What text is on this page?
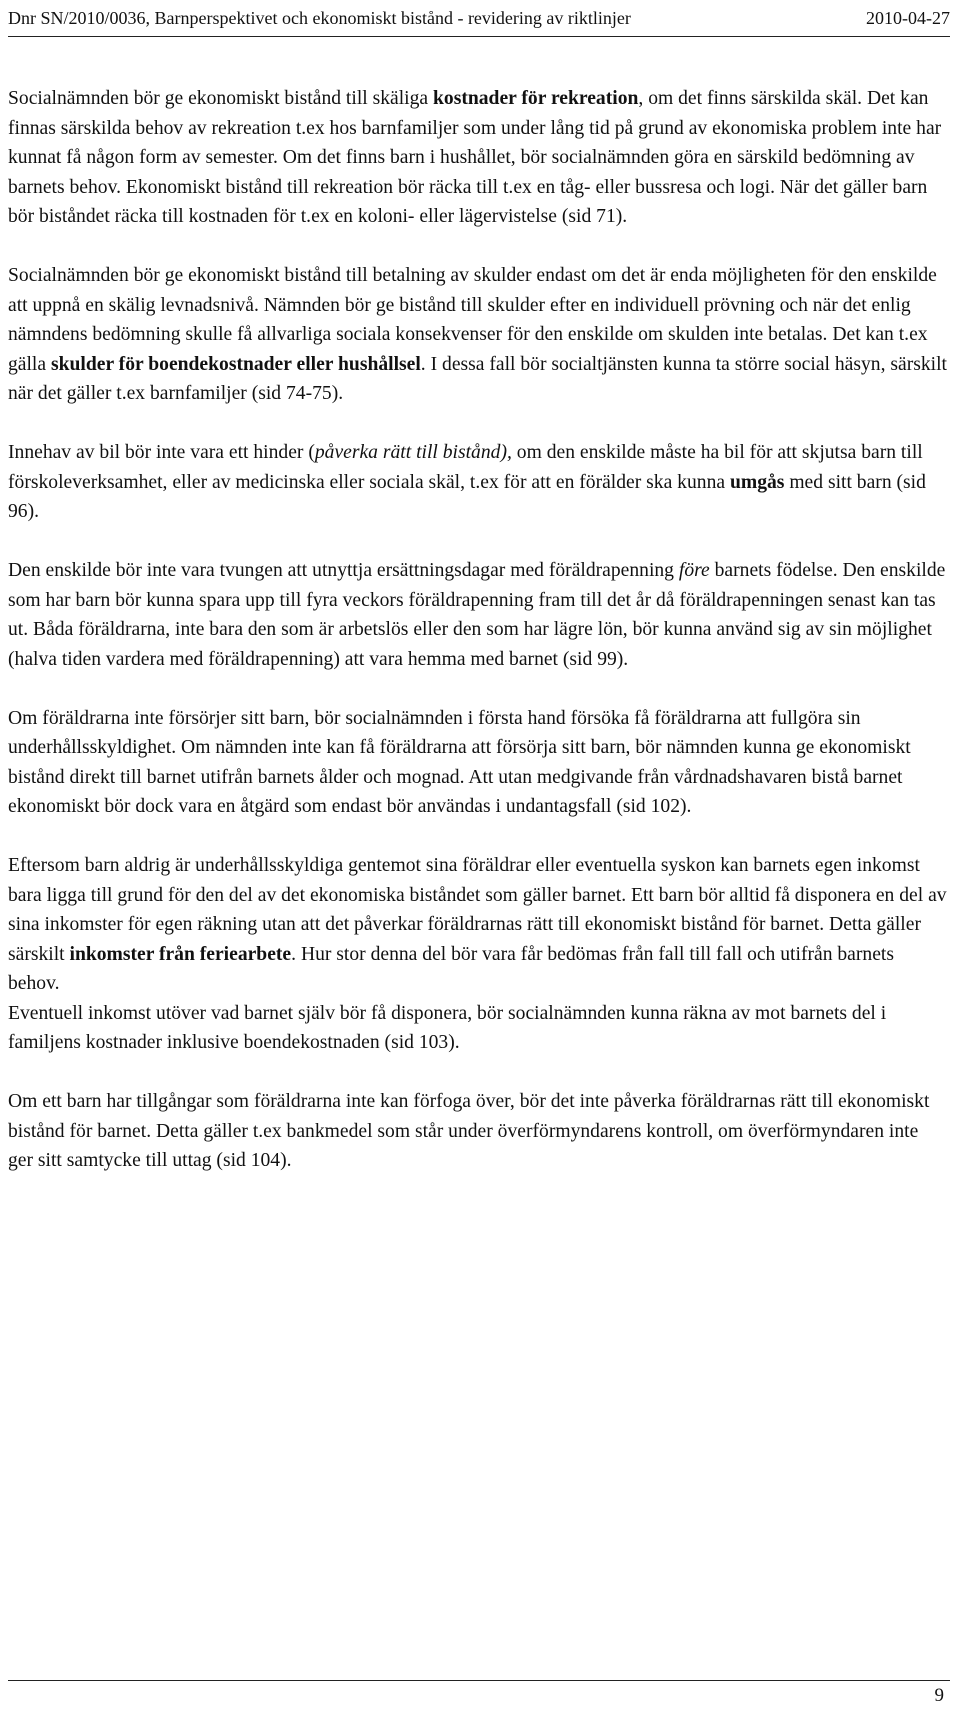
Dnr SN/2010/0036, Barnperspektivet och ekonomiskt bistånd - revidering av riktlinjer	2010-04-27

Socialnämnden bör ge ekonomiskt bistånd till skäliga kostnader för rekreation, om det finns särskilda skäl. Det kan finnas särskilda behov av rekreation t.ex hos barnfamiljer som under lång tid på grund av ekonomiska problem inte har kunnat få någon form av semester. Om det finns barn i hushållet, bör socialnämnden göra en särskild bedömning av barnets behov. Ekonomiskt bistånd till rekreation bör räcka till t.ex en tåg- eller bussresa och logi. När det gäller barn bör biståndet räcka till kostnaden för t.ex en koloni- eller lägervistelse (sid 71).

Socialnämnden bör ge ekonomiskt bistånd till betalning av skulder endast om det är enda möjligheten för den enskilde att uppnå en skälig levnadsnivå. Nämnden bör ge bistånd till skulder efter en individuell prövning och när det enlig nämndens bedömning skulle få allvarliga sociala konsekvenser för den enskilde om skulden inte betalas. Det kan t.ex gälla skulder för boendekostnader eller hushållsel. I dessa fall bör socialtjänsten kunna ta större social häsyn, särskilt när det gäller t.ex barnfamiljer (sid 74-75).

Innehav av bil bör inte vara ett hinder (påverka rätt till bistånd), om den enskilde måste ha bil för att skjutsa barn till förskoleverksamhet, eller av medicinska eller sociala skäl, t.ex för att en förälder ska kunna umgås med sitt barn (sid 96).

Den enskilde bör inte vara tvungen att utnyttja ersättningsdagar med föräldrapenning före barnets födelse. Den enskilde som har barn bör kunna spara upp till fyra veckors föräldrapenning fram till det år då föräldrapenningen senast kan tas ut. Båda föräldrarna, inte bara den som är arbetslös eller den som har lägre lön, bör kunna använd sig av sin möjlighet (halva tiden vardera med föräldrapenning) att vara hemma med barnet (sid 99).

Om föräldrarna inte försörjer sitt barn, bör socialnämnden i första hand försöka få föräldrarna att fullgöra sin underhållsskyldighet. Om nämnden inte kan få föräldrarna att försörja sitt barn, bör nämnden kunna ge ekonomiskt bistånd direkt till barnet utifrån barnets ålder och mognad. Att utan medgivande från vårdnadshavaren bistå barnet ekonomiskt bör dock vara en åtgärd som endast bör användas i undantagsfall (sid 102).

Eftersom barn aldrig är underhållsskyldiga gentemot sina föräldrar eller eventuella syskon kan barnets egen inkomst bara ligga till grund för den del av det ekonomiska biståndet som gäller barnet. Ett barn bör alltid få disponera en del av sina inkomster för egen räkning utan att det påverkar föräldrarnas rätt till ekonomiskt bistånd för barnet. Detta gäller särskilt inkomster från feriearbete. Hur stor denna del bör vara får bedömas från fall till fall och utifrån barnets behov.

Eventuell inkomst utöver vad barnet själv bör få disponera, bör socialnämnden kunna räkna av mot barnets del i familjens kostnader inklusive boendekostnaden (sid 103).

Om ett barn har tillgångar som föräldrarna inte kan förfoga över, bör det inte påverka föräldrarnas rätt till ekonomiskt bistånd för barnet. Detta gäller t.ex bankmedel som står under överförmyndarens kontroll, om överförmyndaren inte ger sitt samtycke till uttag (sid 104).

9
